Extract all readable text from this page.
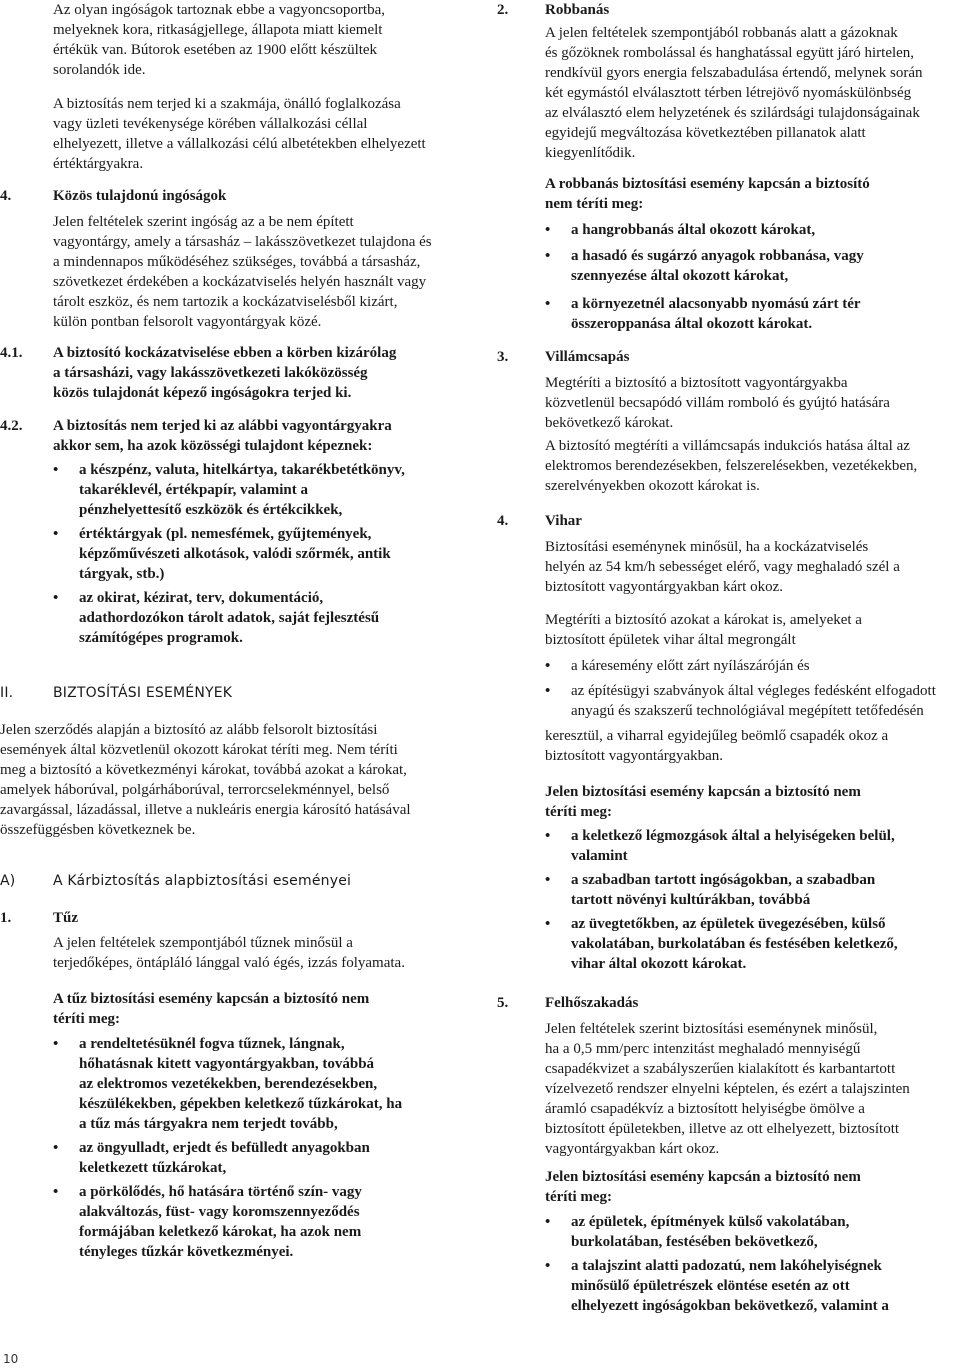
Az olyan ingóságok tartoznak ebbe a vagyoncsoportba,
melyeknek kora, ritkaságjellege, állapota miatt kiemelt
értékük van. Bútorok esetében az 1900 előtt készültek
sorolandók ide.
A biztosítás nem terjed ki a szakmája, önálló foglalkozása
vagy üzleti tevékenysége körében vállalkozási céllal
elhelyezett, illetve a vállalkozási célú albetétekben elhelyezett
értéktárgyakra.
4.	Közös tulajdonú ingóságok
Jelen feltételek szerint ingóság az a be nem épített
vagyontárgy, amely a társasház – lakásszövetkezet tulajdona és
a mindennapos működéséhez szükséges, továbbá a társasház,
szövetkezet érdekében a kockázatviselés helyén használt vagy
tárolt eszköz, és nem tartozik a kockázatviselésből kizárt,
külön pontban felsorolt vagyontárgyak közé.
4.1. A biztosító kockázatviselése ebben a körben kizárólag
a társasházi, vagy lakásszövetkezeti lakóközösség
közös tulajdonát képező ingóságokra terjed ki.
4.2. A biztosítás nem terjed ki az alábbi vagyontárgyakra
akkor sem, ha azok közösségi tulajdont képeznek:
• a készpénz, valuta, hitelkártya, takarékbetétkönyv,
takaréklevél, értékpapír, valamint a
pénzhelyettesítő eszközök és értékcikkek,
• értéktárgyak (pl. nemesfémek, gyűjtemények,
képzőművészeti alkotások, valódi szőrmék, antik
tárgyak, stb.)
• az okirat, kézirat, terv, dokumentáció,
adathordozókon tárolt adatok, saját fejlesztésű
számítógépes programok.
II.	BIZTOSÍTÁSI ESEMÉNYEK
Jelen szerződés alapján a biztosító az alább felsorolt biztosítási
események által közvetlenül okozott károkat téríti meg. Nem téríti
meg a biztosító a következményi károkat, továbbá azokat a károkat,
amelyek háborúval, polgárháborúval, terrorcselekménnyel, belső
zavargással, lázadással, illetve a nukleáris energia károsító hatásával
összefüggésben következnek be.
A)	A Kárbiztosítás alapbiztosítási eseményei
1.	Tűz
A jelen feltételek szempontjából tűznek minősül a
terjedőképes, öntápláló lánggal való égés, izzás folyamata.
A tűz biztosítási esemény kapcsán a biztosító nem
téríti meg:
• a rendeltetésüknél fogva tűznek, lángnak,
hőhatásnak kitett vagyontárgyakban, továbbá
az elektromos vezetékekben, berendezésekben,
készülékekben, gépekben keletkező tűzkárokat, ha
a tűz más tárgyakra nem terjedt tovább,
• az öngyulladt, erjedt és befülledt anyagokban
keletkezett tűzkárokat,
• a pörkölődés, hő hatására történő szín- vagy
alakváltozás, füst- vagy koromszennyeződés
formájában keletkező károkat, ha azok nem
tényleges tűzkár következményei.
2. Robbanás
A jelen feltételek szempontjából robbanás alatt a gázoknak
és gőzöknek rombolással és hanghatással együtt járó hirtelen,
rendkívül gyors energia felszabadulása értendő, melynek során
két egymástól elválasztott térben létrejövő nyomáskülönbség
az elválasztó elem helyzetének és szilárdsági tulajdonságainak
egyidejű megváltozása következtében pillanatok alatt
kiegyenlítődik.
A robbanás biztosítási esemény kapcsán a biztosító
nem téríti meg:
• a hangrobbanás által okozott károkat,
• a hasadó és sugárzó anyagok robbanása, vagy
szennyezése által okozott károkat,
• a környezetnél alacsonyabb nyomású zárt tér
összeroppanása által okozott károkat.
3. Villámcsapás
Megtéríti a biztosító a biztosított vagyontárgyakba
közvetlenül becsapódó villám romboló és gyújtó hatására
bekövetkező károkat.
A biztosító megtéríti a villámcsapás indukciós hatása által az
elektromos berendezésekben, felszerelésekben, vezetékekben,
szerelvényekben okozott károkat is.
4. Vihar
Biztosítási eseménynek minősül, ha a kockázatviselés
helyén az 54 km/h sebességet elérő, vagy meghaladó szél a
biztosított vagyontárgyakban kárt okoz.
Megtéríti a biztosító azokat a károkat is, amelyeket a
biztosított épületek vihar által megrongált
• a káresemény előtt zárt nyílászáróján és
• az építésügyi szabványok által végleges fedésként elfogadott
anyagú és szakszerű technológiával megépített tetőfedésén
keresztül, a viharral egyidejűleg beömlő csapadék okoz a
biztosított vagyontárgyakban.
Jelen biztosítási esemény kapcsán a biztosító nem
téríti meg:
• a keletkező légmozgások által a helyiségeken belül,
valamint
• a szabadban tartott ingóságokban, a szabadban
tartott növényi kultúrákban, továbbá
• az üvegtetőkben, az épületek üvegezésében, külső
vakolatában, burkolatában és festésében keletkező,
vihar által okozott károkat.
5. Felhőszakadás
Jelen feltételek szerint biztosítási eseménynek minősül,
ha a 0,5 mm/perc intenzitást meghaladó mennyiségű
csapadékvizet a szabályszerűen kialakított és karbantartott
vízelvezető rendszer elnyelni képtelen, és ezért a talajszinten
áramló csapadékvíz a biztosított helyiségbe ömölve a
biztosított épületekben, illetve az ott elhelyezett, biztosított
vagyontárgyakban kárt okoz.
Jelen biztosítási esemény kapcsán a biztosító nem
téríti meg:
• az épületek, építmények külső vakolatában,
burkolatában, festésében bekövetkező,
• a talajszint alatti padozatú, nem lakóhelyiségnek
minősülő épületrészek elöntése esetén az ott
elhelyezett ingóságokban bekövetkező, valamint a
10
